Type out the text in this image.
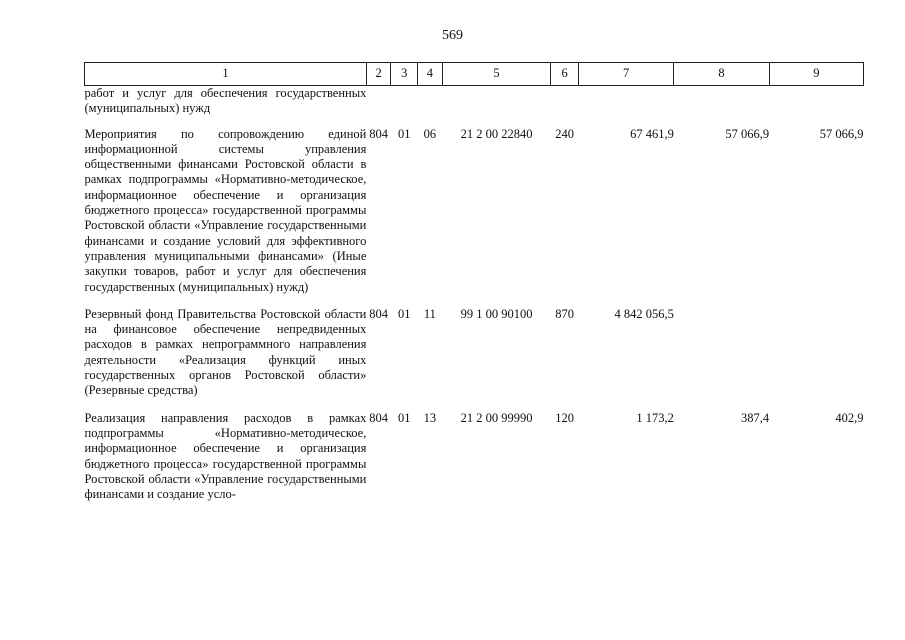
569
1	2	3	4	5	6	7	8	9
работ и услуг для обеспечения государственных (муниципальных) нужд								
Мероприятия по сопровождению единой информационной системы управления общественными финансами Ростовской области в рамках подпрограммы «Нормативно-методическое, информационное обеспечение и организация бюджетного процесса» государственной программы Ростовской области «Управление государственными финансами и создание условий для эффективного управления муниципальными финансами» (Иные закупки товаров, работ и услуг для обеспечения государственных (муниципальных) нужд)	804	01	06	21 2 00 22840	240	67 461,9	57 066,9	57 066,9
Резервный фонд Правительства Ростовской области на финансовое обеспечение непредвиденных расходов в рамках непрограммного направления деятельности «Реализация функций иных государственных органов Ростовской области» (Резервные средства)	804	01	11	99 1 00 90100	870	4 842 056,5		
Реализация направления расходов в рамках подпрограммы «Нормативно-методическое, информационное обеспечение и организация бюджетного процесса» государственной программы Ростовской области «Управление государственными финансами и создание усло-	804	01	13	21 2 00 99990	120	1 173,2	387,4	402,9
